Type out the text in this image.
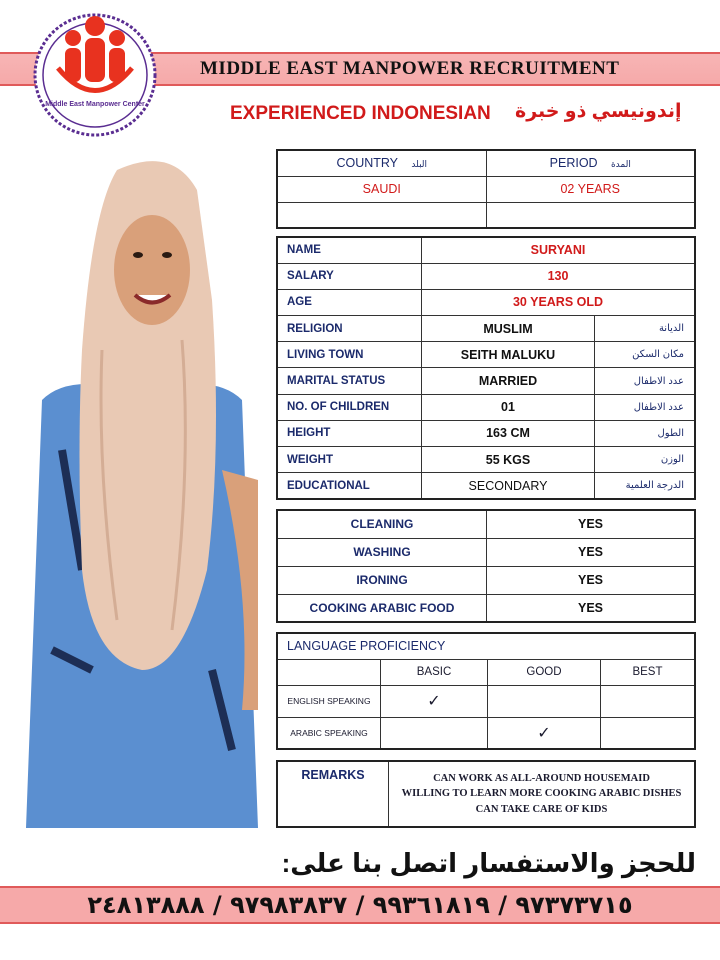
MIDDLE EAST MANPOWER RECRUITMENT
Middle East Manpower Center	EXPERIENCED INDONESIAN إندونيسي ذو خبرة
COUNTRY البلد	PERIOD المدة
SAUDI	02 YEARS

NAME	SURYANI	
SALARY	130	
AGE	30 YEARS OLD	
RELIGION	MUSLIM	الديانة
LIVING TOWN	SEITH MALUKU	مكان السكن
MARITAL STATUS	MARRIED	عدد الاطفال
NO. OF CHILDREN	01	عدد الاطفال
HEIGHT	163 CM	الطول
WEIGHT	55 KGS	الوزن
EDUCATIONAL	SECONDARY	الدرجة العلمية
CLEANING	YES
WASHING	YES
IRONING	YES
COOKING ARABIC FOOD	YES
LANGUAGE PROFICIENCY			
	BASIC	GOOD	BEST
ENGLISH SPEAKING	✓		
ARABIC SPEAKING		✓	
REMARKS	CAN WORK AS ALL-AROUND HOUSEMAID
WILLING TO LEARN MORE COOKING ARABIC DISHES
CAN TAKE CARE OF KIDS
للحجز والاستفسار اتصل بنا على:
٩٧٣٧٣٧١٥ / ٩٩٣٦١٨١٩ / ٩٧٩٨٣٨٣٧ / ٢٤٨١٣٨٨٨
